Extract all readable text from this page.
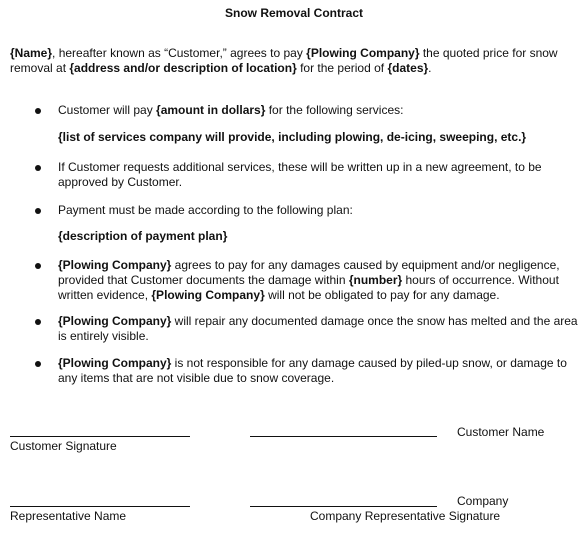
Snow Removal Contract
{Name}, hereafter known as “Customer,” agrees to pay {Plowing Company} the quoted price for snow removal at {address and/or description of location} for the period of {dates}.
Customer will pay {amount in dollars} for the following services:
{list of services company will provide, including plowing, de-icing, sweeping, etc.}
If Customer requests additional services, these will be written up in a new agreement, to be approved by Customer.
Payment must be made according to the following plan:
{description of payment plan}
{Plowing Company} agrees to pay for any damages caused by equipment and/or negligence, provided that Customer documents the damage within {number} hours of occurrence. Without written evidence, {Plowing Company} will not be obligated to pay for any damage.
{Plowing Company} will repair any documented damage once the snow has melted and the area is entirely visible.
{Plowing Company} is not responsible for any damage caused by piled-up snow, or damage to any items that are not visible due to snow coverage.
Customer Signature
Customer Name
Representative Name
Company
Company Representative Signature
